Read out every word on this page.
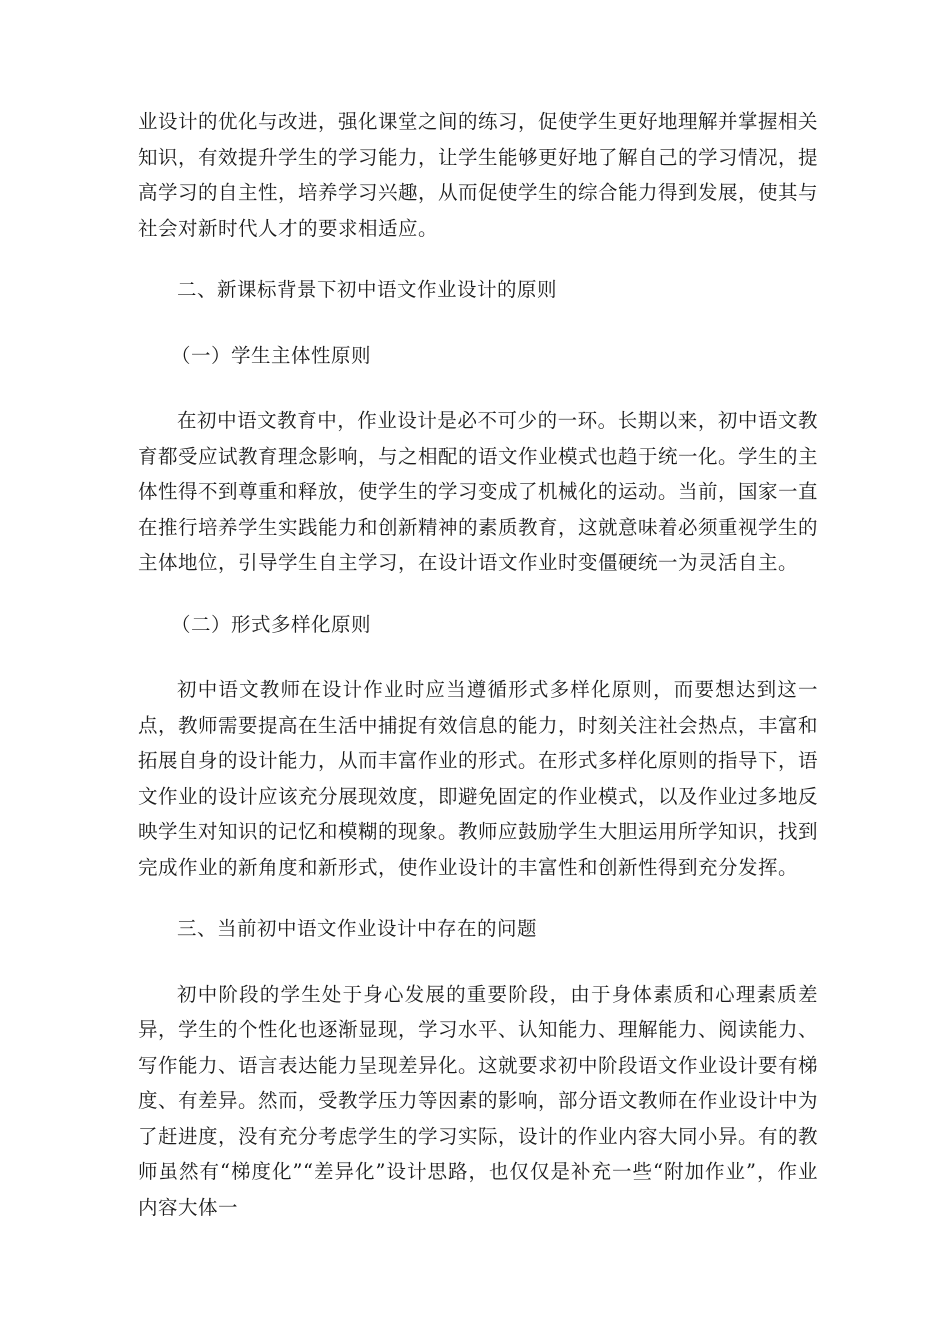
业设计的优化与改进，强化课堂之间的练习，促使学生更好地理解并掌握相关知识，有效提升学生的学习能力，让学生能够更好地了解自己的学习情况，提高学习的自主性，培养学习兴趣，从而促使学生的综合能力得到发展，使其与社会对新时代人才的要求相适应。

二、新课标背景下初中语文作业设计的原则

（一）学生主体性原则

在初中语文教育中，作业设计是必不可少的一环。长期以来，初中语文教育都受应试教育理念影响，与之相配的语文作业模式也趋于统一化。学生的主体性得不到尊重和释放，使学生的学习变成了机械化的运动。当前，国家一直在推行培养学生实践能力和创新精神的素质教育，这就意味着必须重视学生的主体地位，引导学生自主学习，在设计语文作业时变僵硬统一为灵活自主。

（二）形式多样化原则

初中语文教师在设计作业时应当遵循形式多样化原则，而要想达到这一点，教师需要提高在生活中捕捉有效信息的能力，时刻关注社会热点，丰富和拓展自身的设计能力，从而丰富作业的形式。在形式多样化原则的指导下，语文作业的设计应该充分展现效度，即避免固定的作业模式，以及作业过多地反映学生对知识的记忆和模糊的现象。教师应鼓励学生大胆运用所学知识，找到完成作业的新角度和新形式，使作业设计的丰富性和创新性得到充分发挥。

三、当前初中语文作业设计中存在的问题

初中阶段的学生处于身心发展的重要阶段，由于身体素质和心理素质差异，学生的个性化也逐渐显现，学习水平、认知能力、理解能力、阅读能力、写作能力、语言表达能力呈现差异化。这就要求初中阶段语文作业设计要有梯度、有差异。然而，受教学压力等因素的影响，部分语文教师在作业设计中为了赶进度，没有充分考虑学生的学习实际，设计的作业内容大同小异。有的教师虽然有“梯度化”“差异化”设计思路，也仅仅是补充一些“附加作业”，作业内容大体一
